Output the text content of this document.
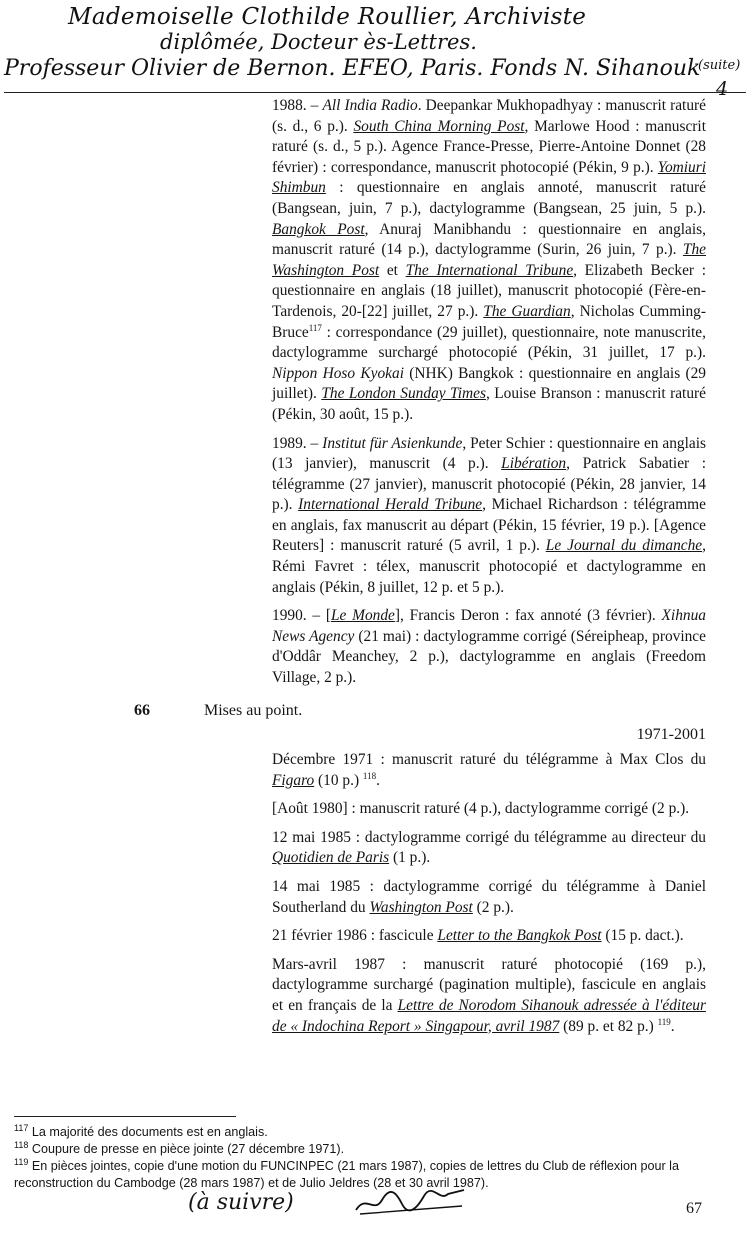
Mademoiselle Clothilde Roullier, Archiviste
diplômée, Docteur ès-Lettres.
Professeur Olivier de Bernon. EFEO, Paris. Fonds N. Sihanouk
(suite)
4

1988. – All India Radio. Deepankar Mukhopadhyay : manuscrit raturé (s. d., 6 p.). South China Morning Post, Marlowe Hood : manuscrit raturé (s. d., 5 p.). Agence France-Presse, Pierre-Antoine Donnet (28 février) : correspondance, manuscrit photocopié (Pékin, 9 p.). Yomiuri Shimbun : questionnaire en anglais annoté, manuscrit raturé (Bangsean, juin, 7 p.), dactylogramme (Bangsean, 25 juin, 5 p.). Bangkok Post, Anuraj Manibhandu : questionnaire en anglais, manuscrit raturé (14 p.), dactylogramme (Surin, 26 juin, 7 p.). The Washington Post et The International Tribune, Elizabeth Becker : questionnaire en anglais (18 juillet), manuscrit photocopié (Fère-en-Tardenois, 20-[22] juillet, 27 p.). The Guardian, Nicholas Cumming-Bruce$^{117}$ : correspondance (29 juillet), questionnaire, note manuscrite, dactylogramme surchargé photocopié (Pékin, 31 juillet, 17 p.). Nippon Hoso Kyokai (NHK) Bangkok : questionnaire en anglais (29 juillet). The London Sunday Times, Louise Branson : manuscrit raturé (Pékin, 30 août, 15 p.).

1989. – Institut für Asienkunde, Peter Schier : questionnaire en anglais (13 janvier), manuscrit (4 p.). Libération, Patrick Sabatier : télégramme (27 janvier), manuscrit photocopié (Pékin, 28 janvier, 14 p.). International Herald Tribune, Michael Richardson : télégramme en anglais, fax manuscrit au départ (Pékin, 15 février, 19 p.). [Agence Reuters] : manuscrit raturé (5 avril, 1 p.). Le Journal du dimanche, Rémi Favret : télex, manuscrit photocopié et dactylogramme en anglais (Pékin, 8 juillet, 12 p. et 5 p.).

1990. – [Le Monde], Francis Deron : fax annoté (3 février). Xihnua News Agency (21 mai) : dactylogramme corrigé (Séreipheap, province d'Oddâr Meanchey, 2 p.), dactylogramme en anglais (Freedom Village, 2 p.).

66	Mises au point.
1971-2001

Décembre 1971 : manuscrit raturé du télégramme à Max Clos du Figaro (10 p.) $^{118}$.

[Août 1980] : manuscrit raturé (4 p.), dactylogramme corrigé (2 p.).

12 mai 1985 : dactylogramme corrigé du télégramme au directeur du Quotidien de Paris (1 p.).

14 mai 1985 : dactylogramme corrigé du télégramme à Daniel Southerland du Washington Post (2 p.).

21 février 1986 : fascicule Letter to the Bangkok Post (15 p. dact.).

Mars-avril 1987 : manuscrit raturé photocopié (169 p.), dactylogramme surchargé (pagination multiple), fascicule en anglais et en français de la Lettre de Norodom Sihanouk adressée à l'éditeur de « Indochina Report » Singapour, avril 1987 (89 p. et 82 p.) $^{119}$.

$^{117}$ La majorité des documents est en anglais.

$^{118}$ Coupure de presse en pièce jointe (27 décembre 1971).

$^{119}$ En pièces jointes, copie d'une motion du FUNCINPEC (21 mars 1987), copies de lettres du Club de réflexion pour la reconstruction du Cambodge (28 mars 1987) et de Julio Jeldres (28 et 30 avril 1987).

(à suivre)	67
